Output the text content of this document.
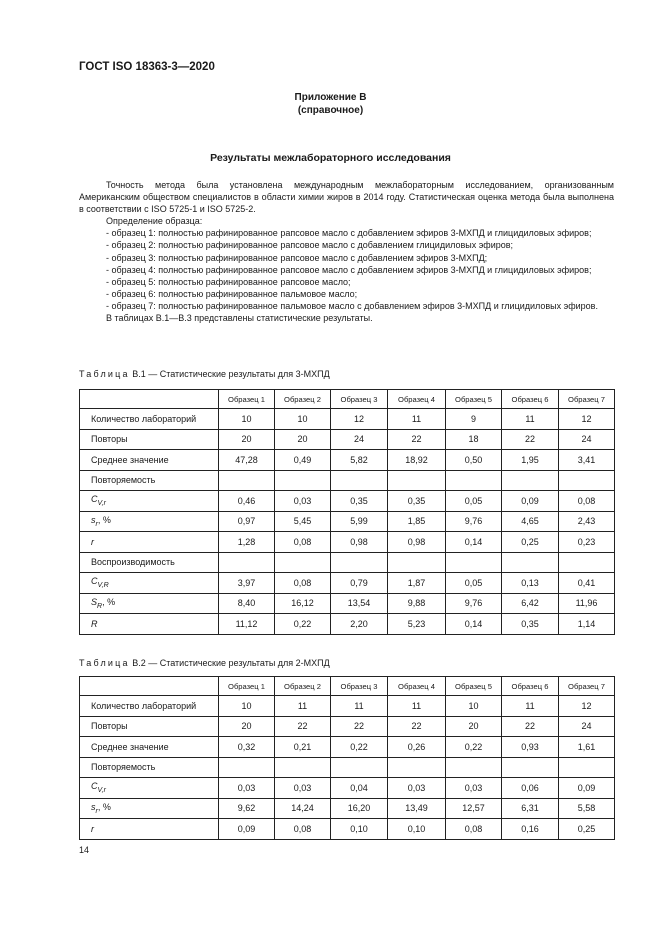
ГОСТ ISO 18363-3—2020
Приложение В
(справочное)
Результаты межлабораторного исследования

Точность метода была установлена международным межлабораторным исследованием, организованным Американским обществом специалистов в области химии жиров в 2014 году. Статистическая оценка метода была выполнена в соответствии с ISO 5725-1 и ISO 5725-2.

Определение образца:

- образец 1: полностью рафинированное рапсовое масло с добавлением эфиров 3-МХПД и глицидиловых эфиров;

- образец 2: полностью рафинированное рапсовое масло с добавлением глицидиловых эфиров;

- образец 3: полностью рафинированное рапсовое масло с добавлением эфиров 3-МХПД;

- образец 4: полностью рафинированное рапсовое масло с добавлением эфиров 3-МХПД и глицидиловых эфиров;

- образец 5: полностью рафинированное рапсовое масло;

- образец 6: полностью рафинированное пальмовое масло;

- образец 7: полностью рафинированное пальмовое масло с добавлением эфиров 3-МХПД и глицидиловых эфиров.

В таблицах В.1—В.3 представлены статистические результаты.

Таблица В.1 — Статистические результаты для 3-МХПД
	Образец 1	Образец 2	Образец 3	Образец 4	Образец 5	Образец 6	Образец 7
Количество лабораторий	10	10	12	11	9	11	12
Повторы	20	20	24	22	18	22	24
Среднее значение	47,28	0,49	5,82	18,92	0,50	1,95	3,41
Повторяемость							
$C_{V,r}$	0,46	0,03	0,35	0,35	0,05	0,09	0,08
$s_r$, %	0,97	5,45	5,99	1,85	9,76	4,65	2,43
r	1,28	0,08	0,98	0,98	0,14	0,25	0,23
Воспроизводимость							
$C_{V,R}$	3,97	0,08	0,79	1,87	0,05	0,13	0,41
$S_R$, %	8,40	16,12	13,54	9,88	9,76	6,42	11,96
R	11,12	0,22	2,20	5,23	0,14	0,35	1,14
Таблица В.2 — Статистические результаты для 2-МХПД
	Образец 1	Образец 2	Образец 3	Образец 4	Образец 5	Образец 6	Образец 7
Количество лабораторий	10	11	11	11	10	11	12
Повторы	20	22	22	22	20	22	24
Среднее значение	0,32	0,21	0,22	0,26	0,22	0,93	1,61
Повторяемость							
$C_{V,r}$	0,03	0,03	0,04	0,03	0,03	0,06	0,09
$s_r$, %	9,62	14,24	16,20	13,49	12,57	6,31	5,58
r	0,09	0,08	0,10	0,10	0,08	0,16	0,25
14
